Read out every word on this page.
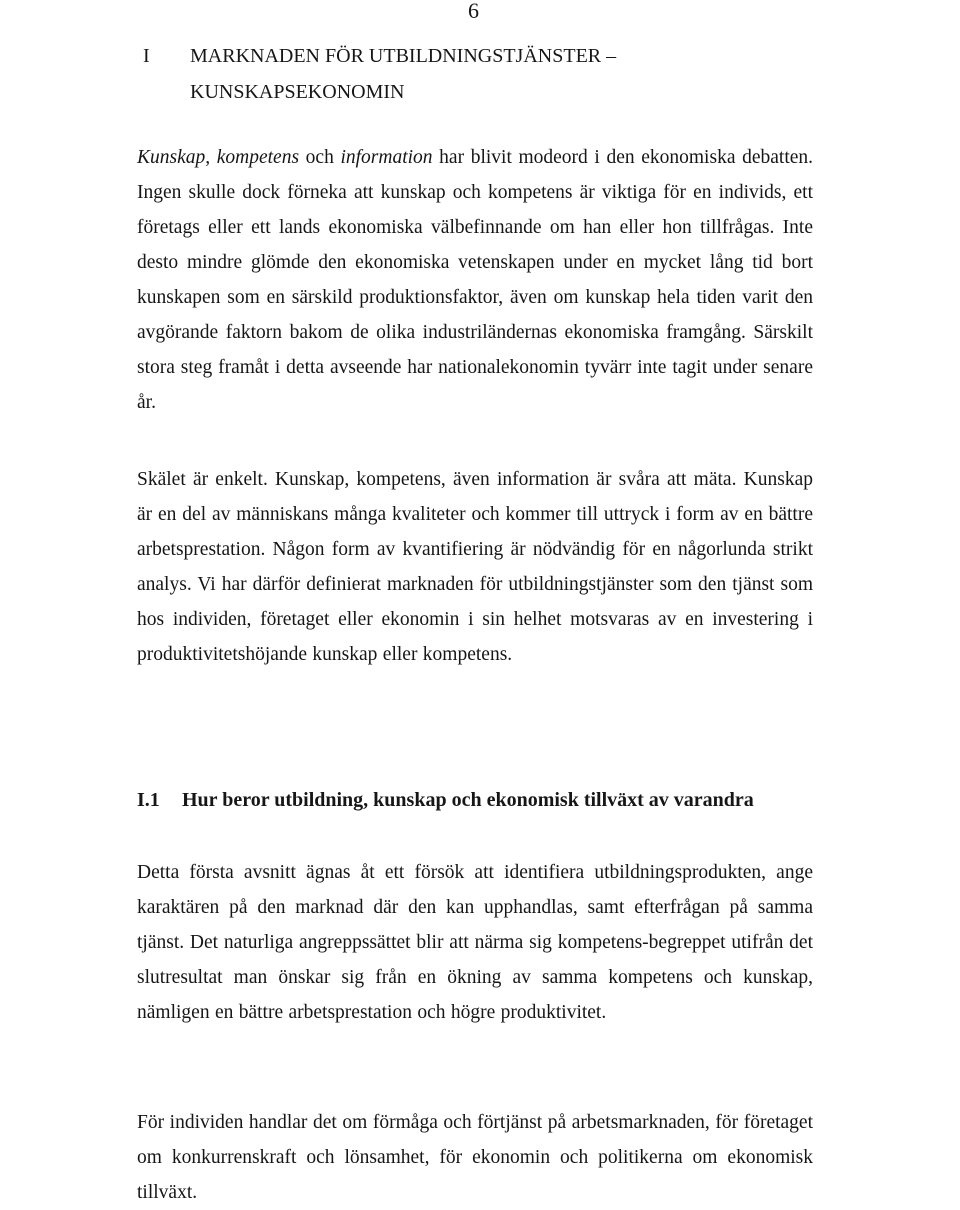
6
I	MARKNADEN FÖR UTBILDNINGSTJÄNSTER – KUNSKAPSEKONOMIN

Kunskap, kompetens och information har blivit modeord i den ekonomiska debatten. Ingen skulle dock förneka att kunskap och kompetens är viktiga för en individs, ett företags eller ett lands ekonomiska välbefinnande om han eller hon tillfrågas. Inte desto mindre glömde den ekonomiska vetenskapen under en mycket lång tid bort kunskapen som en särskild produktionsfaktor, även om kunskap hela tiden varit den avgörande faktorn bakom de olika industriländernas ekonomiska framgång. Särskilt stora steg framåt i detta avseende har nationalekonomin tyvärr inte tagit under senare år.

Skälet är enkelt. Kunskap, kompetens, även information är svåra att mäta. Kunskap är en del av människans många kvaliteter och kommer till uttryck i form av en bättre arbetsprestation. Någon form av kvantifiering är nödvändig för en någorlunda strikt analys. Vi har därför definierat marknaden för utbildningstjänster som den tjänst som hos individen, företaget eller ekonomin i sin helhet motsvaras av en investering i produktivitetshöjande kunskap eller kompetens.

I.1	Hur beror utbildning, kunskap och ekonomisk tillväxt av varandra

Detta första avsnitt ägnas åt ett försök att identifiera utbildningsprodukten, ange karaktären på den marknad där den kan upphandlas, samt efterfrågan på samma tjänst. Det naturliga angreppssättet blir att närma sig kompetens-begreppet utifrån det slutresultat man önskar sig från en ökning av samma kompetens och kunskap, nämligen en bättre arbetsprestation och högre produktivitet.

För individen handlar det om förmåga och förtjänst på arbetsmarknaden, för företaget om konkurrenskraft och lönsamhet, för ekonomin och politikerna om ekonomisk tillväxt.
